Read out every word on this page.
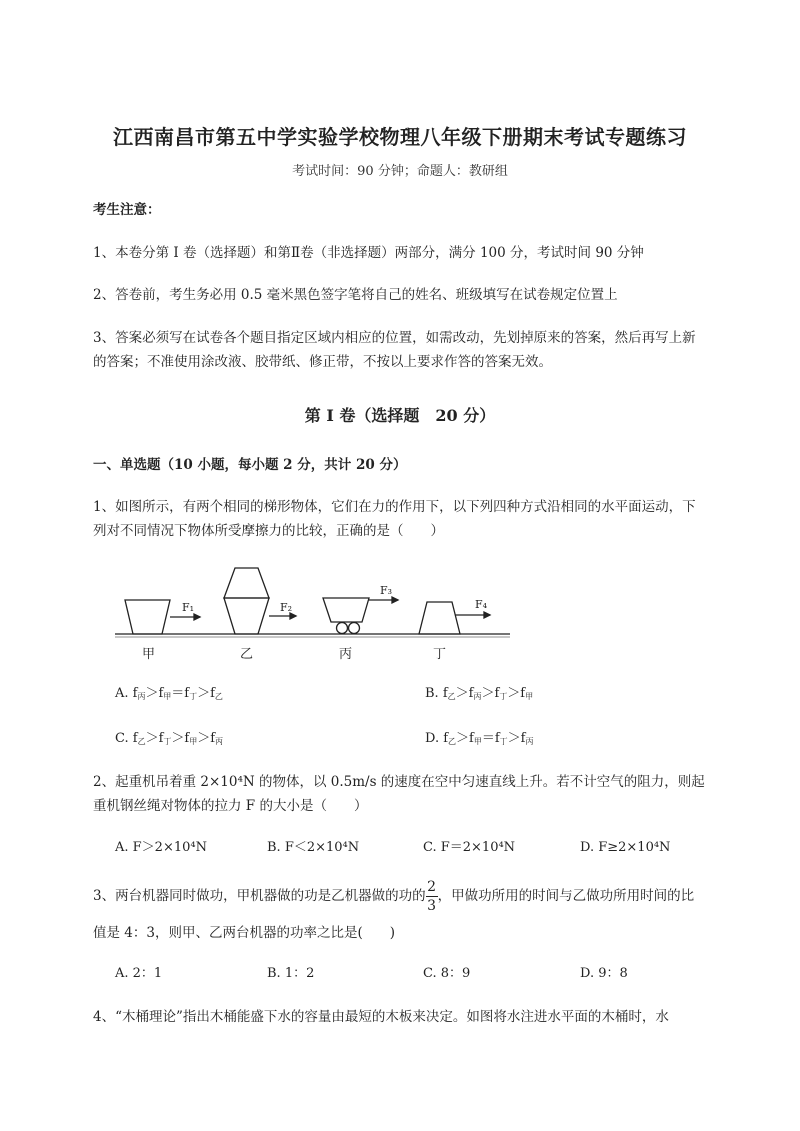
江西南昌市第五中学实验学校物理八年级下册期末考试专题练习
考试时间：90 分钟；命题人：教研组
考生注意：
1、本卷分第 I 卷（选择题）和第Ⅱ卷（非选择题）两部分，满分 100 分，考试时间 90 分钟
2、答卷前，考生务必用 0.5 毫米黑色签字笔将自己的姓名、班级填写在试卷规定位置上
3、答案必须写在试卷各个题目指定区域内相应的位置，如需改动，先划掉原来的答案，然后再写上新
的答案；不准使用涂改液、胶带纸、修正带，不按以上要求作答的答案无效。
第 I 卷（选择题　20 分）
一、单选题（10 小题，每小题 2 分，共计 20 分）
1、如图所示，有两个相同的梯形物体，它们在力的作用下，以下列四种方式沿相同的水平面运动，下
列对不同情况下物体所受摩擦力的比较，正确的是（　　）
F₁	F₂
F₃
F₄
甲	乙	丙	丁
A. $f_丙>f_甲=f_丁>f_乙$	B. $f_乙>f_丙>f_丁>f_甲$
C. $f_乙>f_丁>f_甲>f_丙$	D. $f_乙>f_甲=f_丁>f_丙$
2、起重机吊着重 2×10⁴N 的物体，以 0.5m/s 的速度在空中匀速直线上升。若不计空气的阻力，则起
重机钢丝绳对物体的拉力 F 的大小是（　　）
A. F＞2×10⁴N	B. F＜2×10⁴N	C. F＝2×10⁴N	D. F≥2×10⁴N
3、两台机器同时做功，甲机器做的功是乙机器做的功的 $\frac{2}{3}$ ，甲做功所用的时间与乙做功所用时间的比
值是 4：3，则甲、乙两台机器的功率之比是(　　)
A. 2：1	B. 1：2	C. 8：9	D. 9：8
4、“木桶理论”指出木桶能盛下水的容量由最短的木板来决定。如图将水注进水平面的木桶时，水
